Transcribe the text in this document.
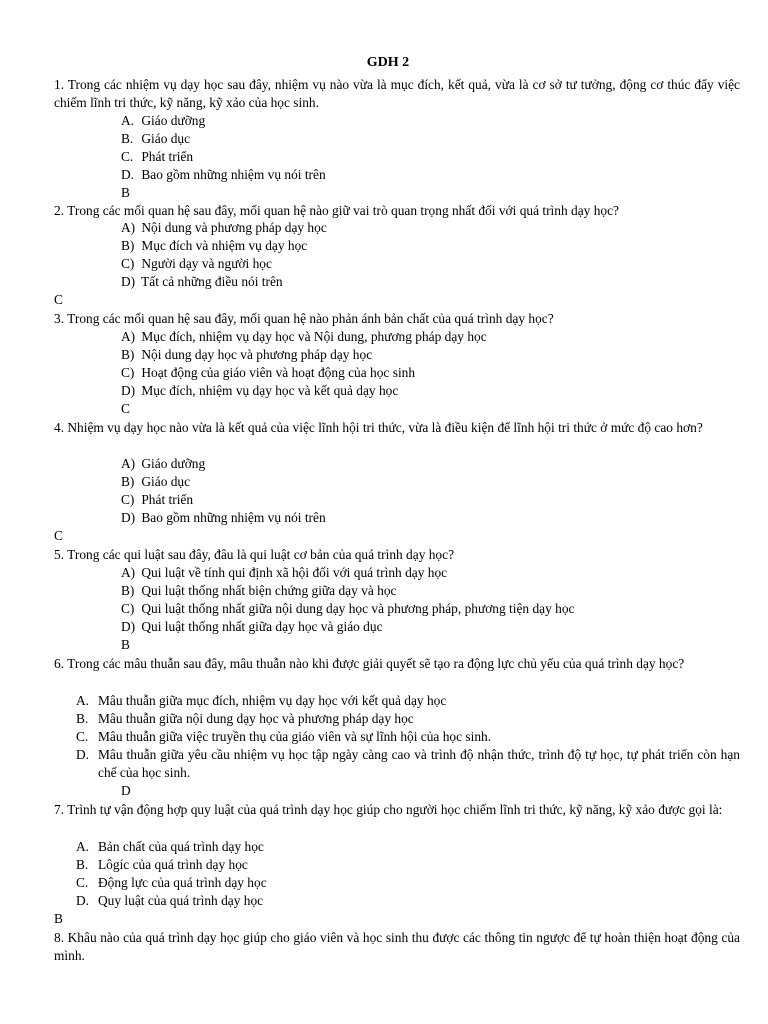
GDH 2
1. Trong các nhiệm vụ dạy học sau đây, nhiệm vụ nào vừa là mục đích, kết quả, vừa là cơ sở tư tưởng, động cơ thúc đẩy việc chiếm lĩnh tri thức, kỹ năng, kỹ xảo của học sinh.
A. Giáo dưỡng
B. Giáo dục
C. Phát triển
D. Bao gồm những nhiệm vụ nói trên
B
2. Trong các mối quan hệ sau đây, mối quan hệ nào giữ vai trò quan trọng nhất đối với quá trình dạy học?
A) Nội dung và phương pháp dạy học
B) Mục đích và nhiệm vụ dạy học
C) Người dạy và người học
D) Tất cả những điều nói trên
C
3. Trong các mối quan hệ sau đây, mối quan hệ nào phản ánh bản chất của quá trình dạy học?
A) Mục đích, nhiệm vụ dạy học và Nội dung, phương pháp dạy học
B) Nội dung dạy học và phương pháp dạy học
C) Hoạt động của giáo viên và hoạt động của học sinh
D) Mục đích, nhiệm vụ dạy học và kết quả dạy học
C
4. Nhiệm vụ dạy học nào vừa là kết quả của việc lĩnh hội tri thức, vừa là điều kiện để lĩnh hội tri thức ở mức độ cao hơn?
A) Giáo dưỡng
B) Giáo dục
C) Phát triển
D) Bao gồm những nhiệm vụ nói trên
C
5. Trong các qui luật sau đây, đâu là qui luật cơ bản của quá trình dạy học?
A) Qui luật về tính qui định xã hội đối với quá trình dạy học
B) Qui luật thống nhất biện chứng giữa dạy và học
C) Qui luật thống nhất giữa nội dung dạy học và phương pháp, phương tiện dạy học
D) Qui luật thống nhất giữa dạy học và giáo dục
B
6. Trong các mâu thuẫn sau đây, mâu thuẫn nào khi được giải quyết sẽ tạo ra động lực chủ yếu của quá trình dạy học?
A. Mâu thuẫn giữa mục đích, nhiệm vụ dạy học với kết quả dạy học
B. Mâu thuẫn giữa nội dung dạy học và phương pháp dạy học
C. Mâu thuẫn giữa việc truyền thụ của giáo viên và sự lĩnh hội của học sinh.
D. Mâu thuẫn giữa yêu cầu nhiệm vụ học tập ngày càng cao và trình độ nhận thức, trình độ tự học, tự phát triển còn hạn chế của học sinh.
D
7. Trình tự vận động hợp quy luật của quá trình dạy học giúp cho người học chiếm lĩnh tri thức, kỹ năng, kỹ xảo được gọi là:
A. Bản chất của quá trình dạy học
B. Lôgíc của quá trình dạy học
C. Động lực của quá trình dạy học
D. Quy luật của quá trình dạy học
B
8. Khâu nào của quá trình dạy học giúp cho giáo viên và học sinh thu được các thông tin ngược để tự hoàn thiện hoạt động của mình.
